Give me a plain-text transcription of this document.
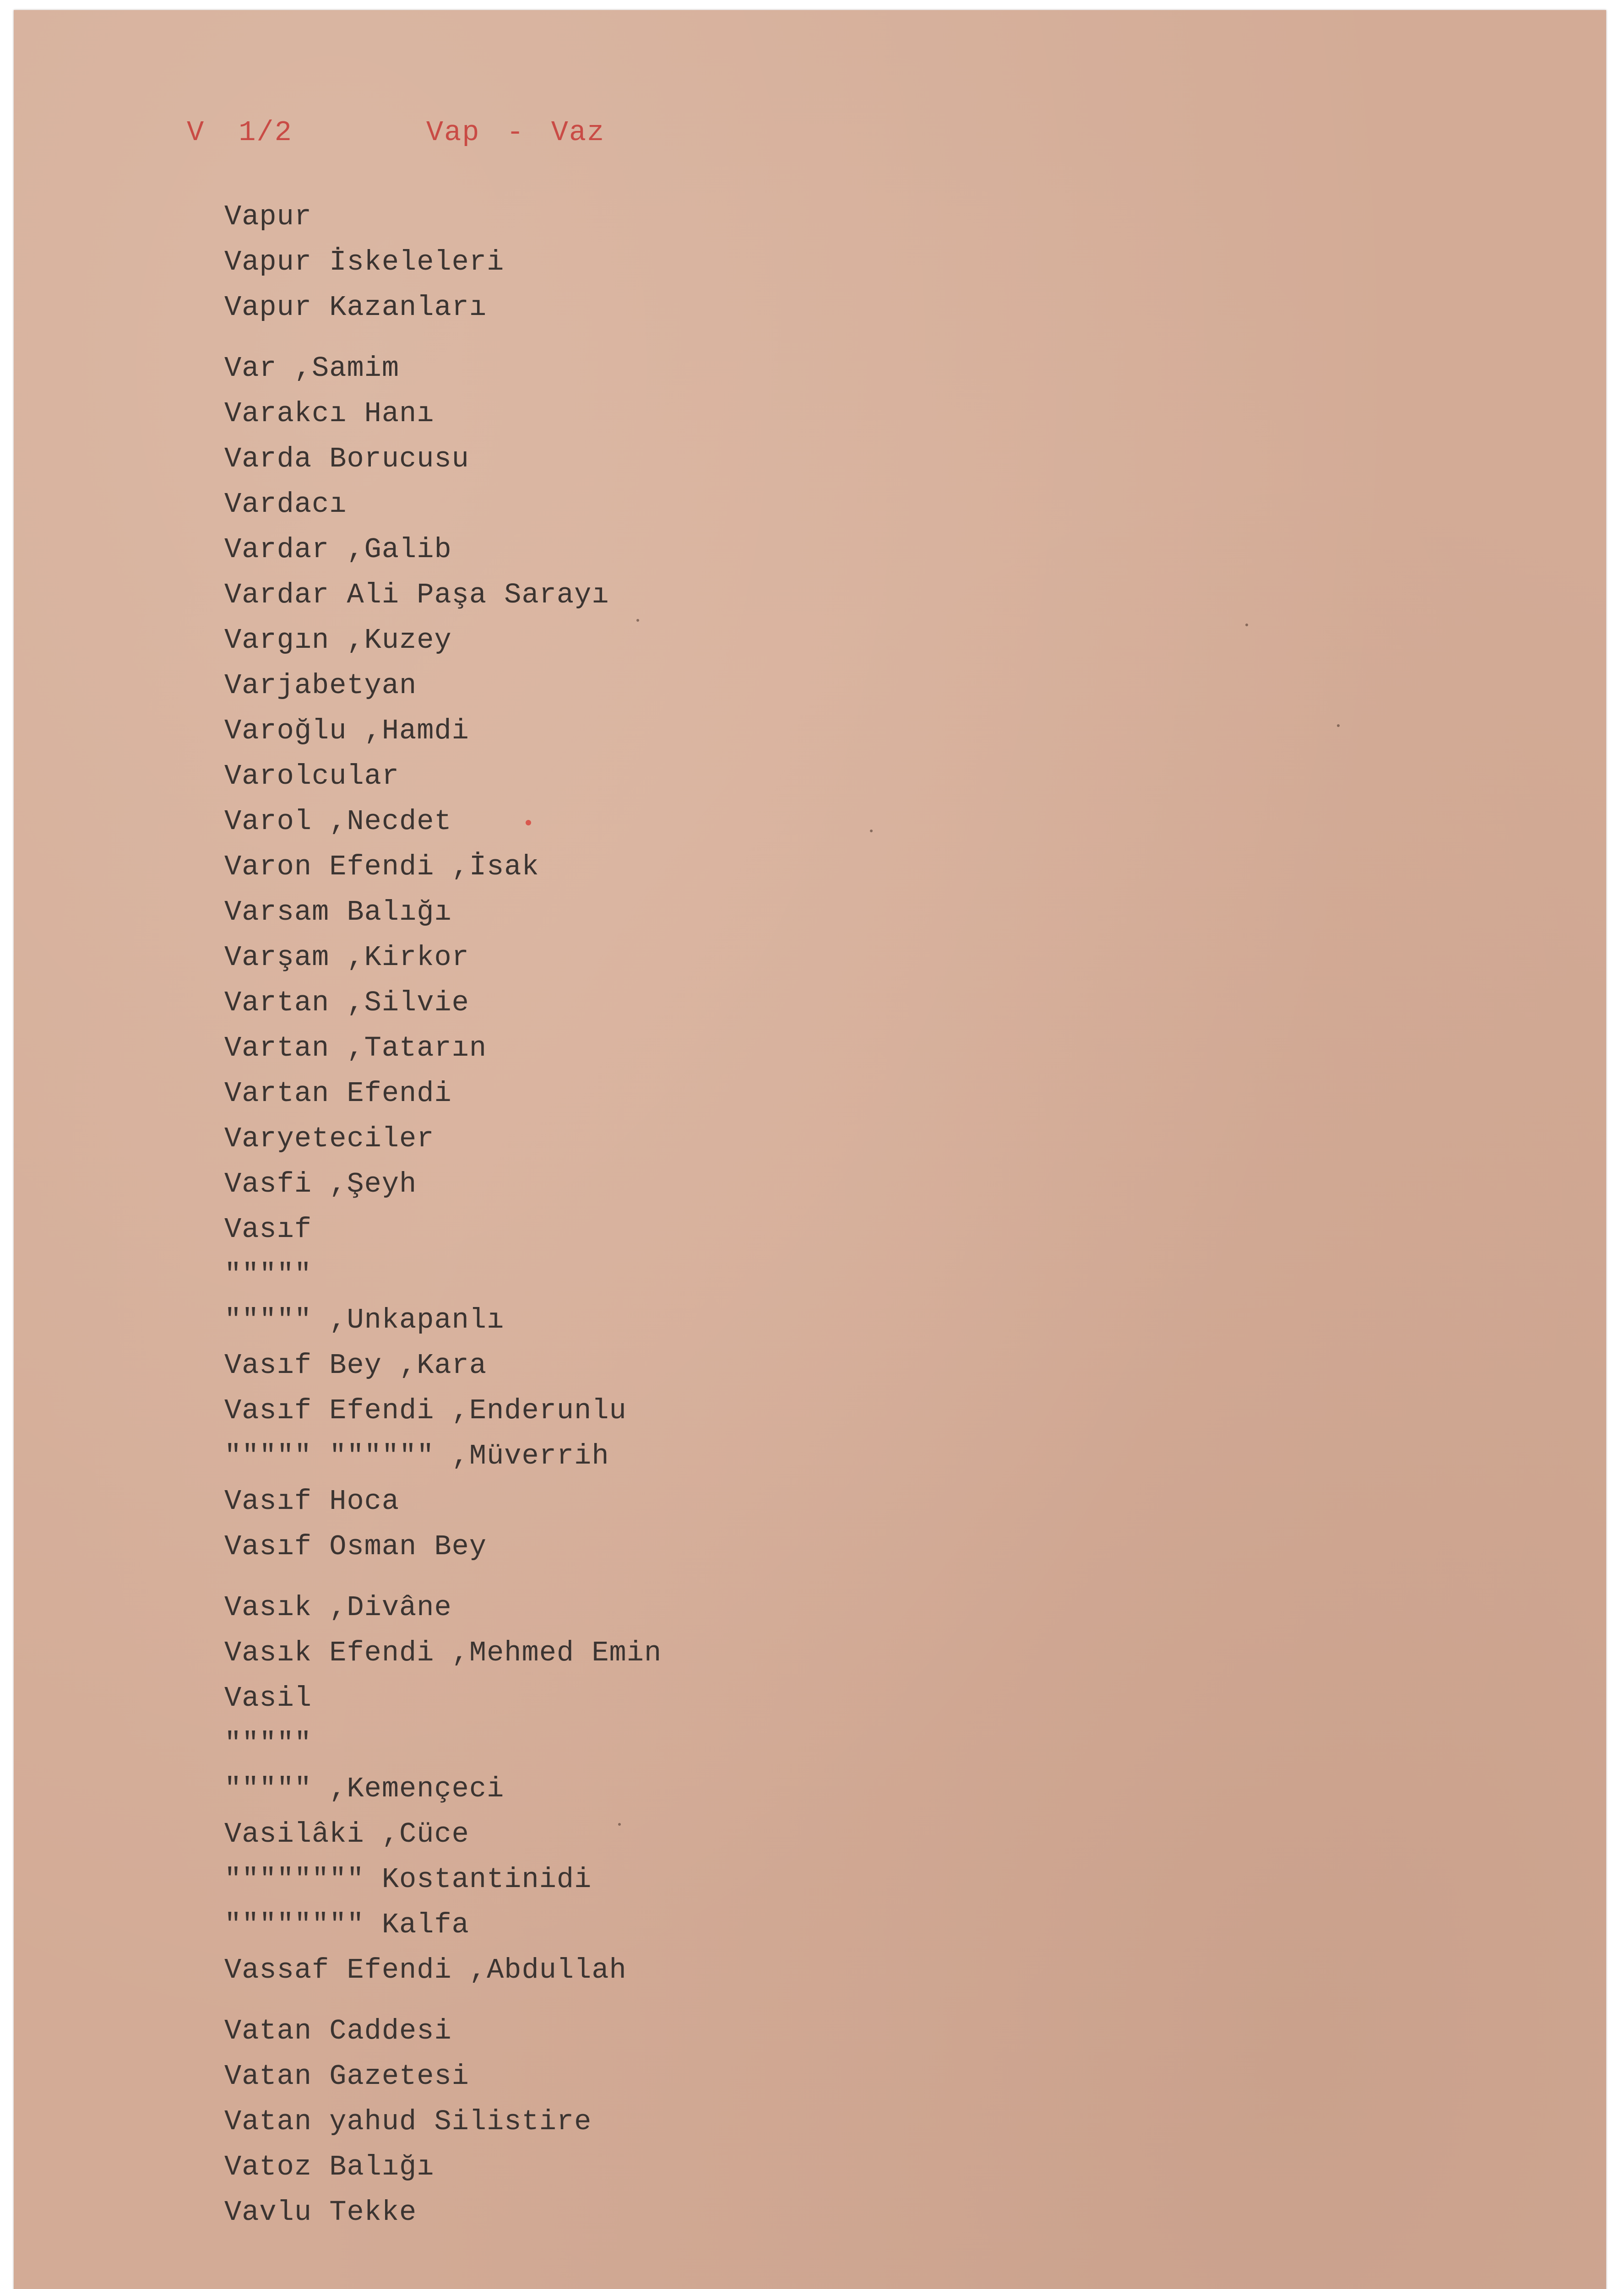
V 1/2	Vap - Vaz
Vapur
Vapur İskeleleri
Vapur Kazanları
Var ,Samim
Varakcı Hanı
Varda Borucusu
Vardacı
Vardar ,Galib
Vardar Ali Paşa Sarayı
Vargın ,Kuzey
Varjabetyan
Varoğlu ,Hamdi
Varolcular
Varol ,Necdet
Varon Efendi ,İsak
Varsam Balığı
Varşam ,Kirkor
Vartan ,Silvie
Vartan ,Tatarın
Vartan Efendi
Varyeteciler
Vasfi ,Şeyh
Vasıf
"""""
""""" ,Unkapanlı
Vasıf Bey ,Kara
Vasıf Efendi ,Enderunlu
""""" """""" ,Müverrih
Vasıf Hoca
Vasıf Osman Bey
Vasık ,Divâne
Vasık Efendi ,Mehmed Emin
Vasil
"""""
""""" ,Kemençeci
Vasilâki ,Cüce
"""""""" Kostantinidi
"""""""" Kalfa
Vassaf Efendi ,Abdullah
Vatan Caddesi
Vatan Gazetesi
Vatan yahud Silistire
Vatoz Balığı
Vavlu Tekke
